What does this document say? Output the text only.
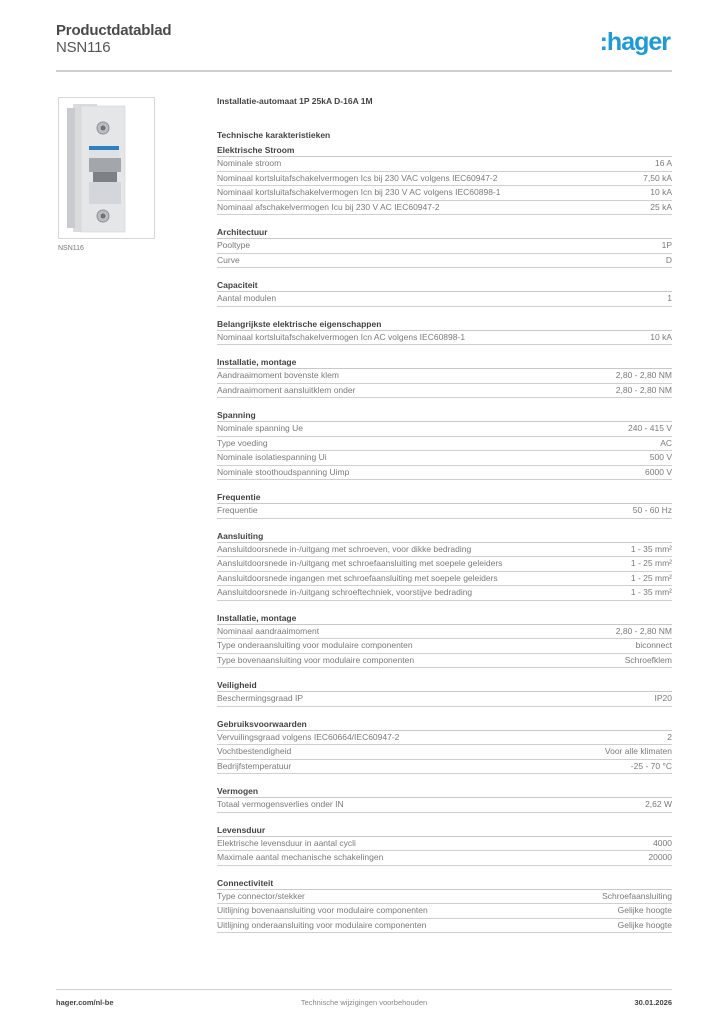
Productdatablad
NSN116	:hager
NSN116
Installatie-automaat 1P 25kA D-16A 1M
Technische karakteristieken
Elektrische Stroom
Nominale stroom	16 A
Nominaal kortsluitafschakelvermogen Ics bij 230 VAC volgens IEC60947-2	7,50 kA
Nominaal kortsluitafschakelvermogen Icn bij 230 V AC volgens IEC60898-1	10 kA
Nominaal afschakelvermogen Icu bij 230 V AC IEC60947-2	25 kA
Architectuur
Pooltype	1P
Curve	D
Capaciteit
Aantal modulen	1
Belangrijkste elektrische eigenschappen
Nominaal kortsluitafschakelvermogen Icn AC volgens IEC60898-1	10 kA
Installatie, montage
Aandraaimoment bovenste klem	2,80 - 2,80 NM
Aandraaimoment aansluitklem onder	2,80 - 2,80 NM
Spanning
Nominale spanning Ue	240 - 415 V
Type voeding	AC
Nominale isolatiespanning Ui	500 V
Nominale stoothoudspanning Uimp	6000 V
Frequentie
Frequentie	50 - 60 Hz
Aansluiting
Aansluitdoorsnede in-/uitgang met schroeven, voor dikke bedrading	1 - 35 mm²
Aansluitdoorsnede in-/uitgang met schroefaansluiting met soepele geleiders	1 - 25 mm²
Aansluitdoorsnede ingangen met schroefaansluiting met soepele geleiders	1 - 25 mm²
Aansluitdoorsnede in-/uitgang schroeftechniek, voorstijve bedrading	1 - 35 mm²
Installatie, montage
Nominaal aandraaimoment	2,80 - 2,80 NM
Type onderaansluiting voor modulaire componenten	biconnect
Type bovenaansluiting voor modulaire componenten	Schroefklem
Veiligheid
Beschermingsgraad IP	IP20
Gebruiksvoorwaarden
Vervuilingsgraad volgens IEC60664/IEC60947-2	2
Vochtbestendigheid	Voor alle klimaten
Bedrijfstemperatuur	-25 - 70 °C
Vermogen
Totaal vermogensverlies onder IN	2,62 W
Levensduur
Elektrische levensduur in aantal cycli	4000
Maximale aantal mechanische schakelingen	20000
Connectiviteit
Type connector/stekker	Schroefaansluiting
Uitlijning bovenaansluiting voor modulaire componenten	Gelijke hoogte
Uitlijning onderaansluiting voor modulaire componenten	Gelijke hoogte
hager.com/nl-be	Technische wijzigingen voorbehouden	30.01.2026
